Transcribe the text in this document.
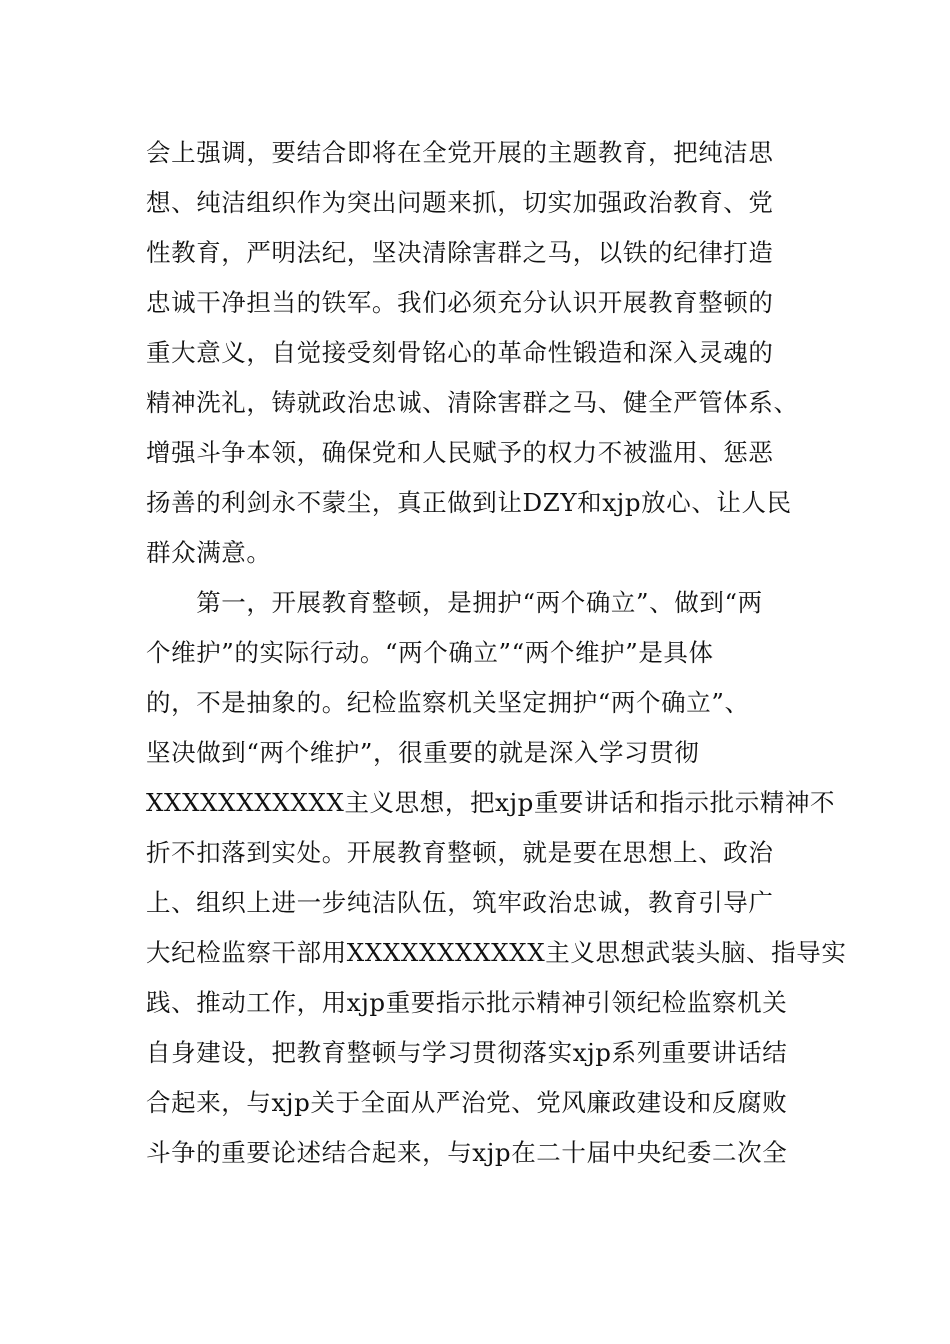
会上强调，要结合即将在全党开展的主题教育，把纯洁思
想、纯洁组织作为突出问题来抓，切实加强政治教育、党
性教育，严明法纪，坚决清除害群之马，以铁的纪律打造
忠诚干净担当的铁军。我们必须充分认识开展教育整顿的
重大意义，自觉接受刻骨铭心的革命性锻造和深入灵魂的
精神洗礼，铸就政治忠诚、清除害群之马、健全严管体系、
增强斗争本领，确保党和人民赋予的权力不被滥用、惩恶
扬善的利剑永不蒙尘，真正做到让DZY和xjp放心、让人民
群众满意。
　　第一，开展教育整顿，是拥护“两个确立”、做到“两
个维护”的实际行动。“两个确立”“两个维护”是具体
的，不是抽象的。纪检监察机关坚定拥护“两个确立”、
坚决做到“两个维护”，很重要的就是深入学习贯彻
XXXXXXXXXXX主义思想，把xjp重要讲话和指示批示精神不
折不扣落到实处。开展教育整顿，就是要在思想上、政治
上、组织上进一步纯洁队伍，筑牢政治忠诚，教育引导广
大纪检监察干部用XXXXXXXXXXX主义思想武装头脑、指导实
践、推动工作，用xjp重要指示批示精神引领纪检监察机关
自身建设，把教育整顿与学习贯彻落实xjp系列重要讲话结
合起来，与xjp关于全面从严治党、党风廉政建设和反腐败
斗争的重要论述结合起来，与xjp在二十届中央纪委二次全
